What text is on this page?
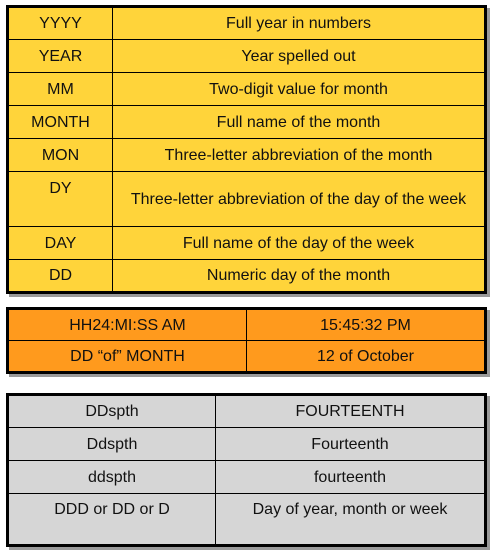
YYYY	Full year in numbers
YEAR	Year spelled out
MM	Two-digit value for month
MONTH	Full name of the month
MON	Three-letter abbreviation of the month
DY	Three-letter abbreviation of the day of the week
DAY	Full name of the day of the week
DD	Numeric day of the month
HH24:MI:SS AM	15:45:32 PM
DD “of” MONTH	12 of October
DDspth	FOURTEENTH
Ddspth	Fourteenth
ddspth	fourteenth
DDD or DD or D	Day of year, month or week
